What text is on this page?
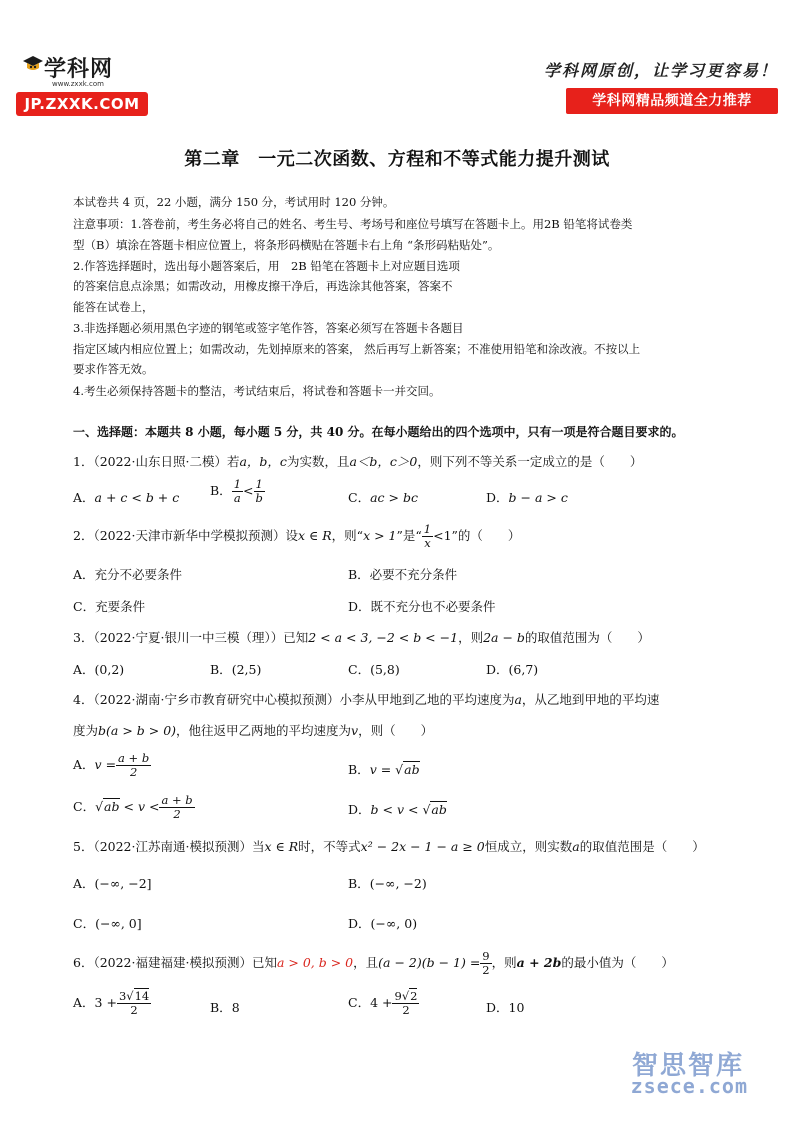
学科网
www.zxxk.com
JP.ZXXK.COM
学科网原创，让学习更容易！
学科网精品频道全力推荐
第二章　一元二次函数、方程和不等式能力提升测试
本试卷共 4 页，22 小题，满分 150 分，考试用时 120 分钟。
注意事项：1.答卷前，考生务必将自己的姓名、考生号、考场号和座位号填写在答题卡上。用2B 铅笔将试卷类
型（B）填涂在答题卡相应位置上，将条形码横贴在答题卡右上角 “条形码粘贴处”。
2.作答选择题时，选出每小题答案后，用　2B 铅笔在答题卡上对应题目选项
的答案信息点涂黑；如需改动，用橡皮擦干净后，再选涂其他答案，答案不
能答在试卷上，
3.非选择题必须用黑色字迹的钢笔或签字笔作答，答案必须写在答题卡各题目
指定区域内相应位置上；如需改动，先划掉原来的答案， 然后再写上新答案；不准使用铅笔和涂改液。不按以上
要求作答无效。
4.考生必须保持答题卡的整洁，考试结束后，将试卷和答题卡一并交回。
一、选择题：本题共 8 小题，每小题 5 分，共 40 分。在每小题给出的四个选项中，只有一项是符合题目要求的。
1．（2022·山东日照·二模）若a，b，c为实数，且a＜b，c＞0，则下列不等关系一定成立的是（　　）
A．a + c < b + c B． $\frac{1}{a} < \frac{1}{b}$	C．ac > bc	D．b − a > c
2．（2022·天津市新华中学模拟预测）设x ∈ R，则“x > 1”是“ $\frac{1}{x} <1$”的（　　）
A．充分不必要条件	B．必要不充分条件
C．充要条件	D．既不充分也不必要条件
3．（2022·宁夏·银川一中三模（理））已知2 < a < 3, −2 < b < −1，则2a − b的取值范围为（　　）
A．(0,2)	B．(2,5)	C．(5,8)	D．(6,7)
4．（2022·湖南·宁乡市教育研究中心模拟预测）小李从甲地到乙地的平均速度为a，从乙地到甲地的平均速
度为b(a > b > 0)，他往返甲乙两地的平均速度为v，则（　　）
A．$v = \frac{a + b}{2}$	B．v = √ab
C．$√ab < v < \frac{a + b}{2}$	D．b < v < √ab
5．（2022·江苏南通·模拟预测）当x ∈ R时，不等式x² − 2x − 1 − a ≥ 0恒成立，则实数a的取值范围是（　　）
A．(−∞, −2]	B．(−∞, −2)
C．(−∞, 0]	D．(−∞, 0)
6．（2022·福建福建·模拟预测）已知a > 0, b > 0，且$(a - 2)(b - 1) = \frac{9}{2}$ ，则a + 2b的最小值为（　　）
A．$3 + \frac{3√14}{2}$	B．8	C．$4 + \frac{9√2}{2}$	D．10
智思智库
zsece.com
